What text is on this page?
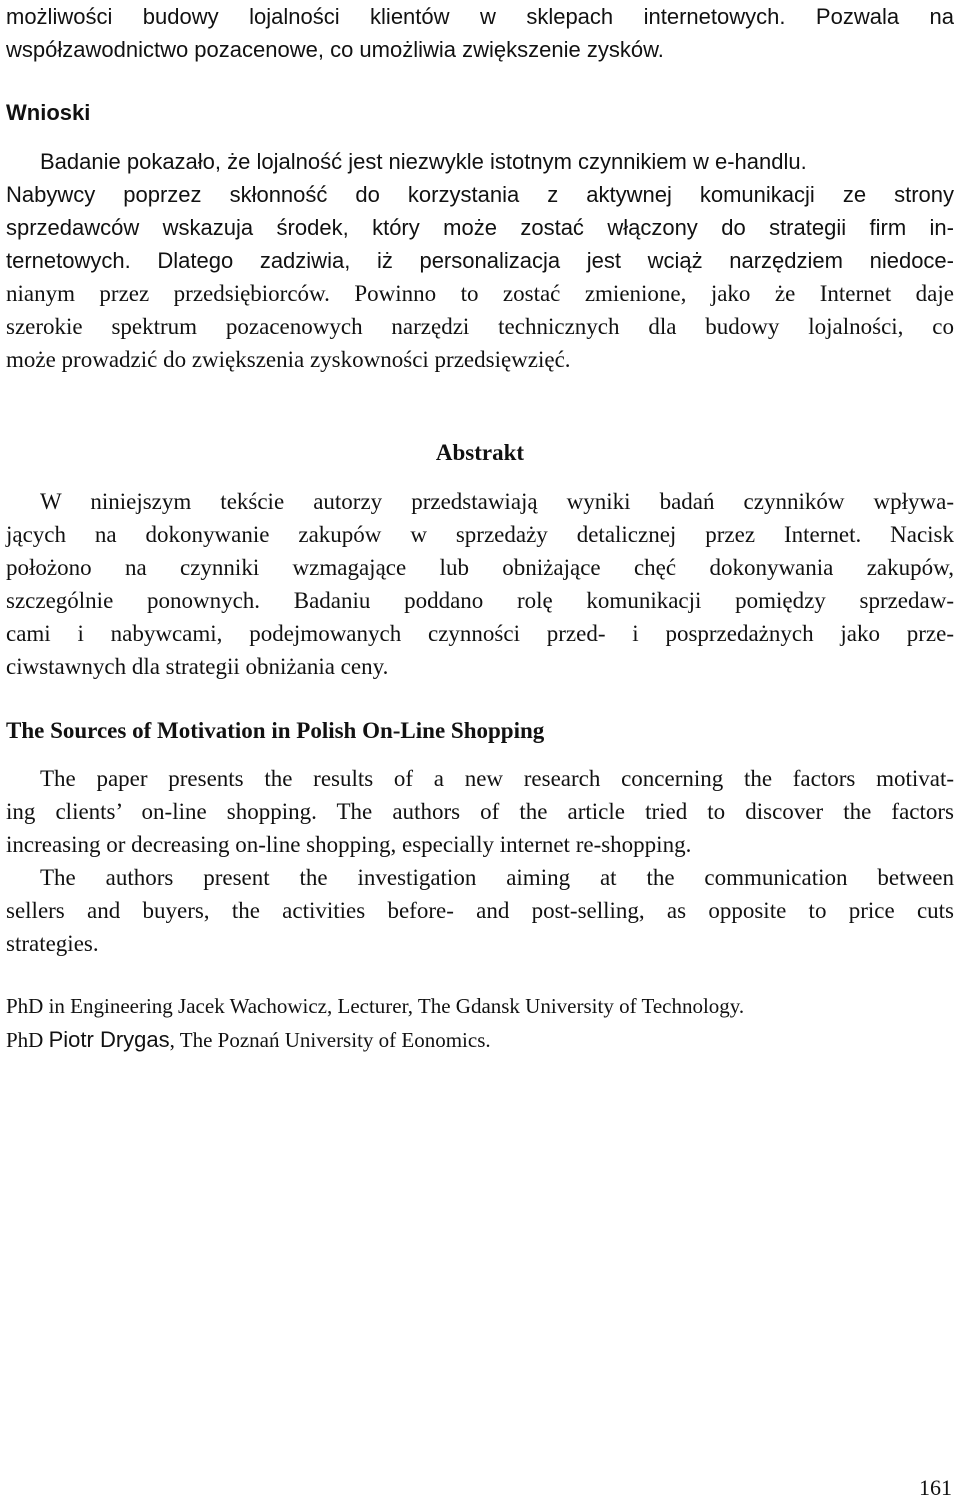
możliwości budowy lojalności klientów w sklepach internetowych. Pozwala na
współzawodnictwo pozacenowe, co umożliwia zwiększenie zysków.
Wnioski
Badanie pokazało, że lojalność jest niezwykle istotnym czynnikiem w e-handlu.
Nabywcy poprzez skłonność do korzystania z aktywnej komunikacji ze strony
sprzedawców wskazuja środek, który może zostać włączony do strategii firm in-
ternetowych. Dlatego zadziwia, iż personalizacja jest wciąż narzędziem niedoce-
nianym przez przedsiębiorców. Powinno to zostać zmienione, jako że Internet daje
szerokie spektrum pozacenowych narzędzi technicznych dla budowy lojalności, co
może prowadzić do zwiększenia zyskowności przedsięwzięć.
Abstrakt
W niniejszym tekście autorzy przedstawiają wyniki badań czynników wpływa-
jących na dokonywanie zakupów w sprzedaży detalicznej przez Internet. Nacisk
położono na czynniki wzmagające lub obniżające chęć dokonywania zakupów,
szczególnie ponownych. Badaniu poddano rolę komunikacji pomiędzy sprzedaw-
cami i nabywcami, podejmowanych czynności przed- i posprzedażnych jako prze-
ciwstawnych dla strategii obniżania ceny.
The Sources of Motivation in Polish On-Line Shopping
The paper presents the results of a new research concerning the factors motivat-
ing clients’ on-line shopping. The authors of the article tried to discover the factors
increasing or decreasing on-line shopping, especially internet re-shopping.
The authors present the investigation aiming at the communication between
sellers and buyers, the activities before- and post-selling, as opposite to price cuts
strategies.
PhD in Engineering Jacek Wachowicz, Lecturer, The Gdansk University of Technology.
PhD Piotr Drygas, The Poznań University of Eonomics.
161
